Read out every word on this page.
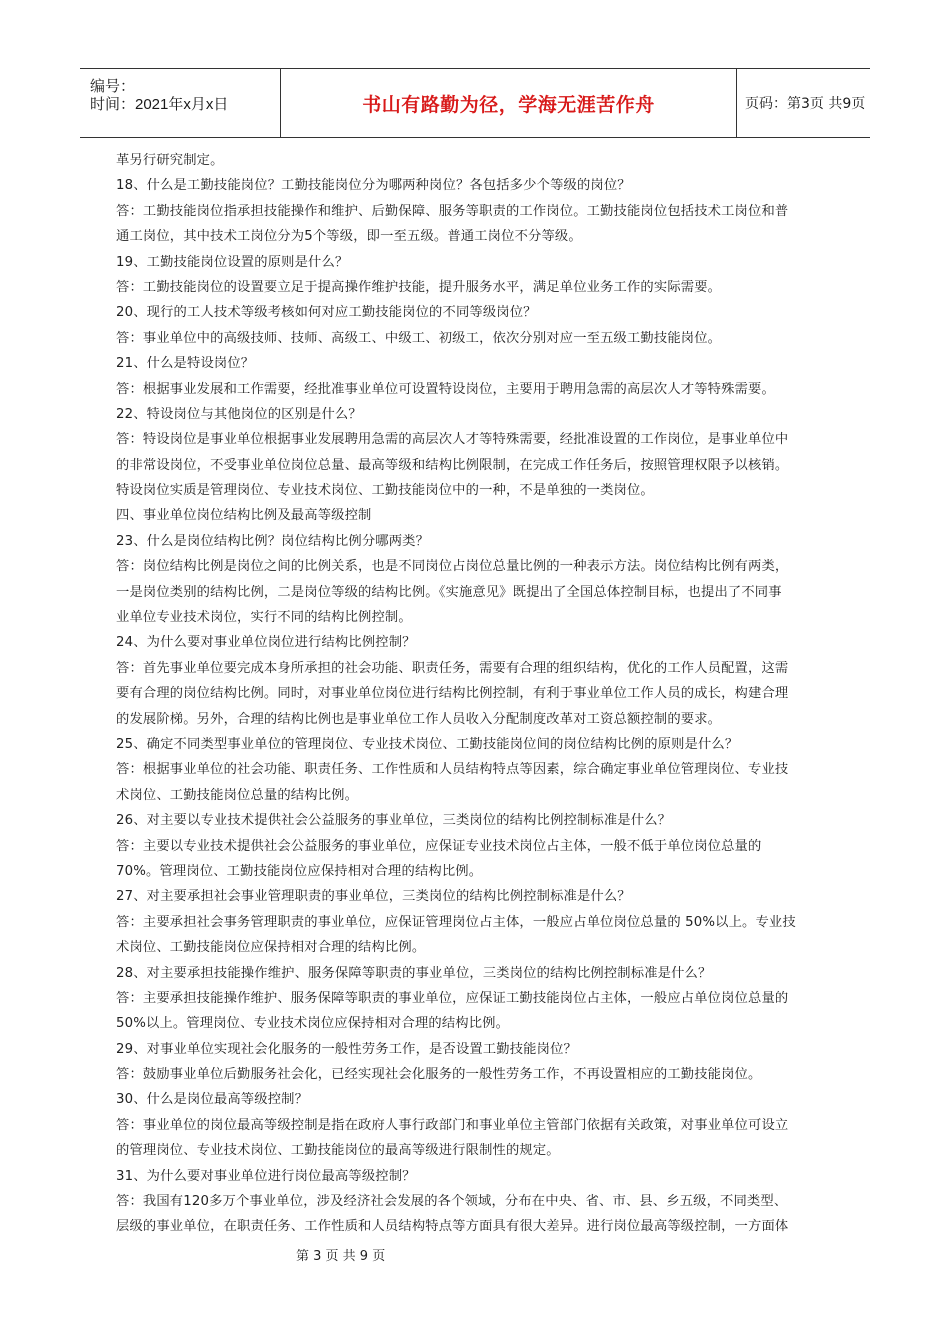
编号：
时间：2021年x月x日	书山有路勤为径，学海无涯苦作舟	页码：第3页 共9页
革另行研究制定。
18、什么是工勤技能岗位？工勤技能岗位分为哪两种岗位？各包括多少个等级的岗位？
答：工勤技能岗位指承担技能操作和维护、后勤保障、服务等职责的工作岗位。工勤技能岗位包括技术工岗位和普
通工岗位，其中技术工岗位分为5个等级，即一至五级。普通工岗位不分等级。
19、工勤技能岗位设置的原则是什么？
答：工勤技能岗位的设置要立足于提高操作维护技能，提升服务水平，满足单位业务工作的实际需要。
20、现行的工人技术等级考核如何对应工勤技能岗位的不同等级岗位？
答：事业单位中的高级技师、技师、高级工、中级工、初级工，依次分别对应一至五级工勤技能岗位。
21、什么是特设岗位？
答：根据事业发展和工作需要，经批准事业单位可设置特设岗位，主要用于聘用急需的高层次人才等特殊需要。
22、特设岗位与其他岗位的区别是什么？
答：特设岗位是事业单位根据事业发展聘用急需的高层次人才等特殊需要，经批准设置的工作岗位，是事业单位中
的非常设岗位，不受事业单位岗位总量、最高等级和结构比例限制，在完成工作任务后，按照管理权限予以核销。
特设岗位实质是管理岗位、专业技术岗位、工勤技能岗位中的一种，不是单独的一类岗位。
四、事业单位岗位结构比例及最高等级控制
23、什么是岗位结构比例？岗位结构比例分哪两类？
答：岗位结构比例是岗位之间的比例关系，也是不同岗位占岗位总量比例的一种表示方法。岗位结构比例有两类，
一是岗位类别的结构比例，二是岗位等级的结构比例。《实施意见》既提出了全国总体控制目标，也提出了不同事
业单位专业技术岗位，实行不同的结构比例控制。
24、为什么要对事业单位岗位进行结构比例控制？
答：首先事业单位要完成本身所承担的社会功能、职责任务，需要有合理的组织结构，优化的工作人员配置，这需
要有合理的岗位结构比例。同时，对事业单位岗位进行结构比例控制，有利于事业单位工作人员的成长，构建合理
的发展阶梯。另外，合理的结构比例也是事业单位工作人员收入分配制度改革对工资总额控制的要求。
25、确定不同类型事业单位的管理岗位、专业技术岗位、工勤技能岗位间的岗位结构比例的原则是什么？
答：根据事业单位的社会功能、职责任务、工作性质和人员结构特点等因素，综合确定事业单位管理岗位、专业技
术岗位、工勤技能岗位总量的结构比例。
26、对主要以专业技术提供社会公益服务的事业单位，三类岗位的结构比例控制标准是什么？
答：主要以专业技术提供社会公益服务的事业单位，应保证专业技术岗位占主体，一般不低于单位岗位总量的
70%。管理岗位、工勤技能岗位应保持相对合理的结构比例。
27、对主要承担社会事业管理职责的事业单位，三类岗位的结构比例控制标准是什么？
答：主要承担社会事务管理职责的事业单位，应保证管理岗位占主体，一般应占单位岗位总量的 50%以上。专业技
术岗位、工勤技能岗位应保持相对合理的结构比例。
28、对主要承担技能操作维护、服务保障等职责的事业单位，三类岗位的结构比例控制标准是什么？
答：主要承担技能操作维护、服务保障等职责的事业单位，应保证工勤技能岗位占主体，一般应占单位岗位总量的
50%以上。管理岗位、专业技术岗位应保持相对合理的结构比例。
29、对事业单位实现社会化服务的一般性劳务工作，是否设置工勤技能岗位？
答：鼓励事业单位后勤服务社会化，已经实现社会化服务的一般性劳务工作，不再设置相应的工勤技能岗位。
30、什么是岗位最高等级控制？
答：事业单位的岗位最高等级控制是指在政府人事行政部门和事业单位主管部门依据有关政策，对事业单位可设立
的管理岗位、专业技术岗位、工勤技能岗位的最高等级进行限制性的规定。
31、为什么要对事业单位进行岗位最高等级控制？
答：我国有120多万个事业单位，涉及经济社会发展的各个领域，分布在中央、省、市、县、乡五级，不同类型、
层级的事业单位，在职责任务、工作性质和人员结构特点等方面具有很大差异。进行岗位最高等级控制，一方面体
第 3 页 共 9 页
